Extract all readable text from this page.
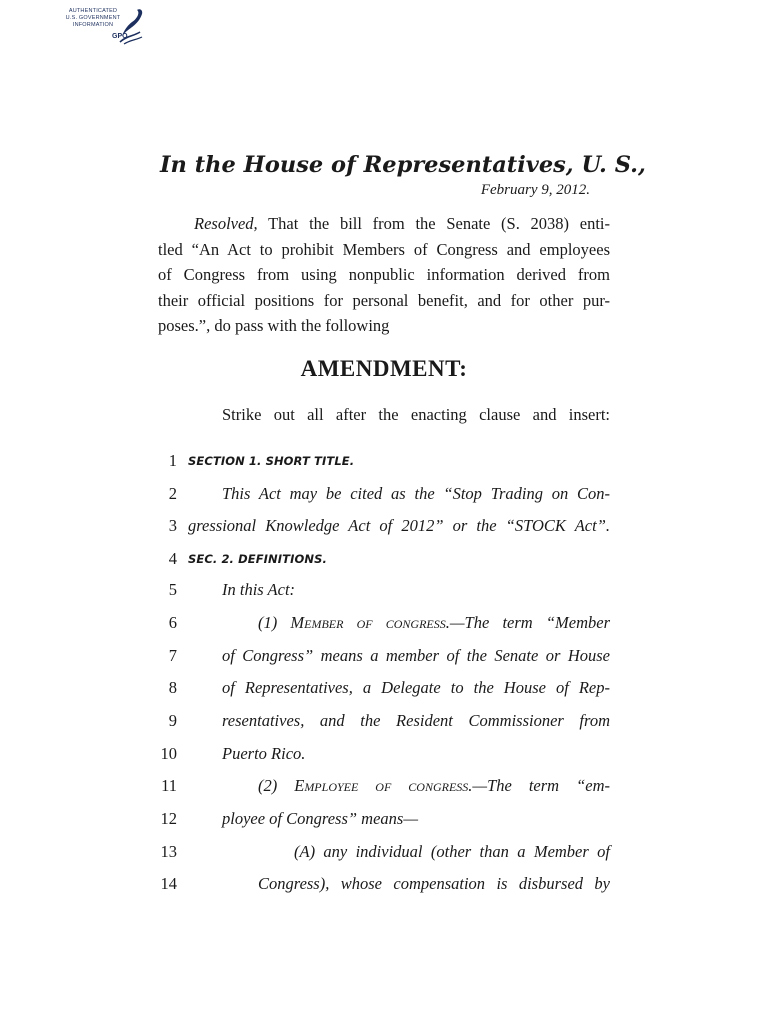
AUTHENTICATED
U.S. GOVERNMENT
INFORMATION
GPO
In the House of Representatives, U. S.,
February 9, 2012.
Resolved, That the bill from the Senate (S. 2038) enti-
tled “An Act to prohibit Members of Congress and employees
of Congress from using nonpublic information derived from
their official positions for personal benefit, and for other pur-
poses.”, do pass with the following
AMENDMENT:
Strike out all after the enacting clause and insert:
1 SECTION 1. SHORT TITLE.
2	This Act may be cited as the “Stop Trading on Con-
3 gressional Knowledge Act of 2012” or the “STOCK Act”.
4 SEC. 2. DEFINITIONS.
5	In this Act:
6	(1) Member of congress.—The term “Member
7	of Congress” means a member of the Senate or House
8	of Representatives, a Delegate to the House of Rep-
9	resentatives, and the Resident Commissioner from
10	Puerto Rico.
11	(2) Employee of congress.—The term “em-
12	ployee of Congress” means—
13	(A) any individual (other than a Member of
14	Congress), whose compensation is disbursed by
